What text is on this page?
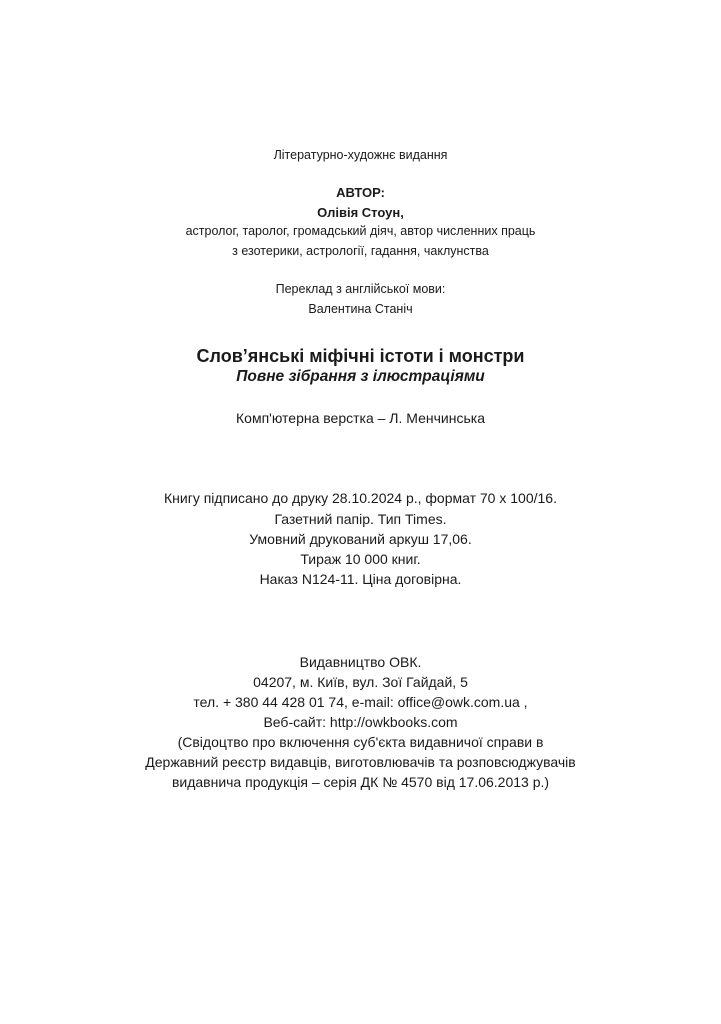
Літературно-художнє видання
АВТОР:
Олівія Стоун,
астролог, таролог, громадський діяч, автор численних праць
з езотерики, астрології, гадання, чаклунства
Переклад з англійської мови:
Валентина Станіч
Слов’янські міфічні істоти і монстри
Повне зібрання з ілюстраціями
Комп'ютерна верстка – Л. Менчинська
Книгу підписано до друку 28.10.2024 р., формат 70 х 100/16.
Газетний папір. Тип Times.
Умовний друкований аркуш 17,06.
Тираж 10 000 книг.
Наказ N124-11. Ціна договірна.
Видавництво ОВК.
04207, м. Київ, вул. Зої Гайдай, 5
тел. + 380 44 428 01 74, e-mail: office@owk.com.ua ,
Веб-сайт: http://owkbooks.com
(Свідоцтво про включення суб'єкта видавничої справи в
Державний реєстр видавців, виготовлювачів та розповсюджувачів
видавнича продукція – серія ДК № 4570 від 17.06.2013 р.)
